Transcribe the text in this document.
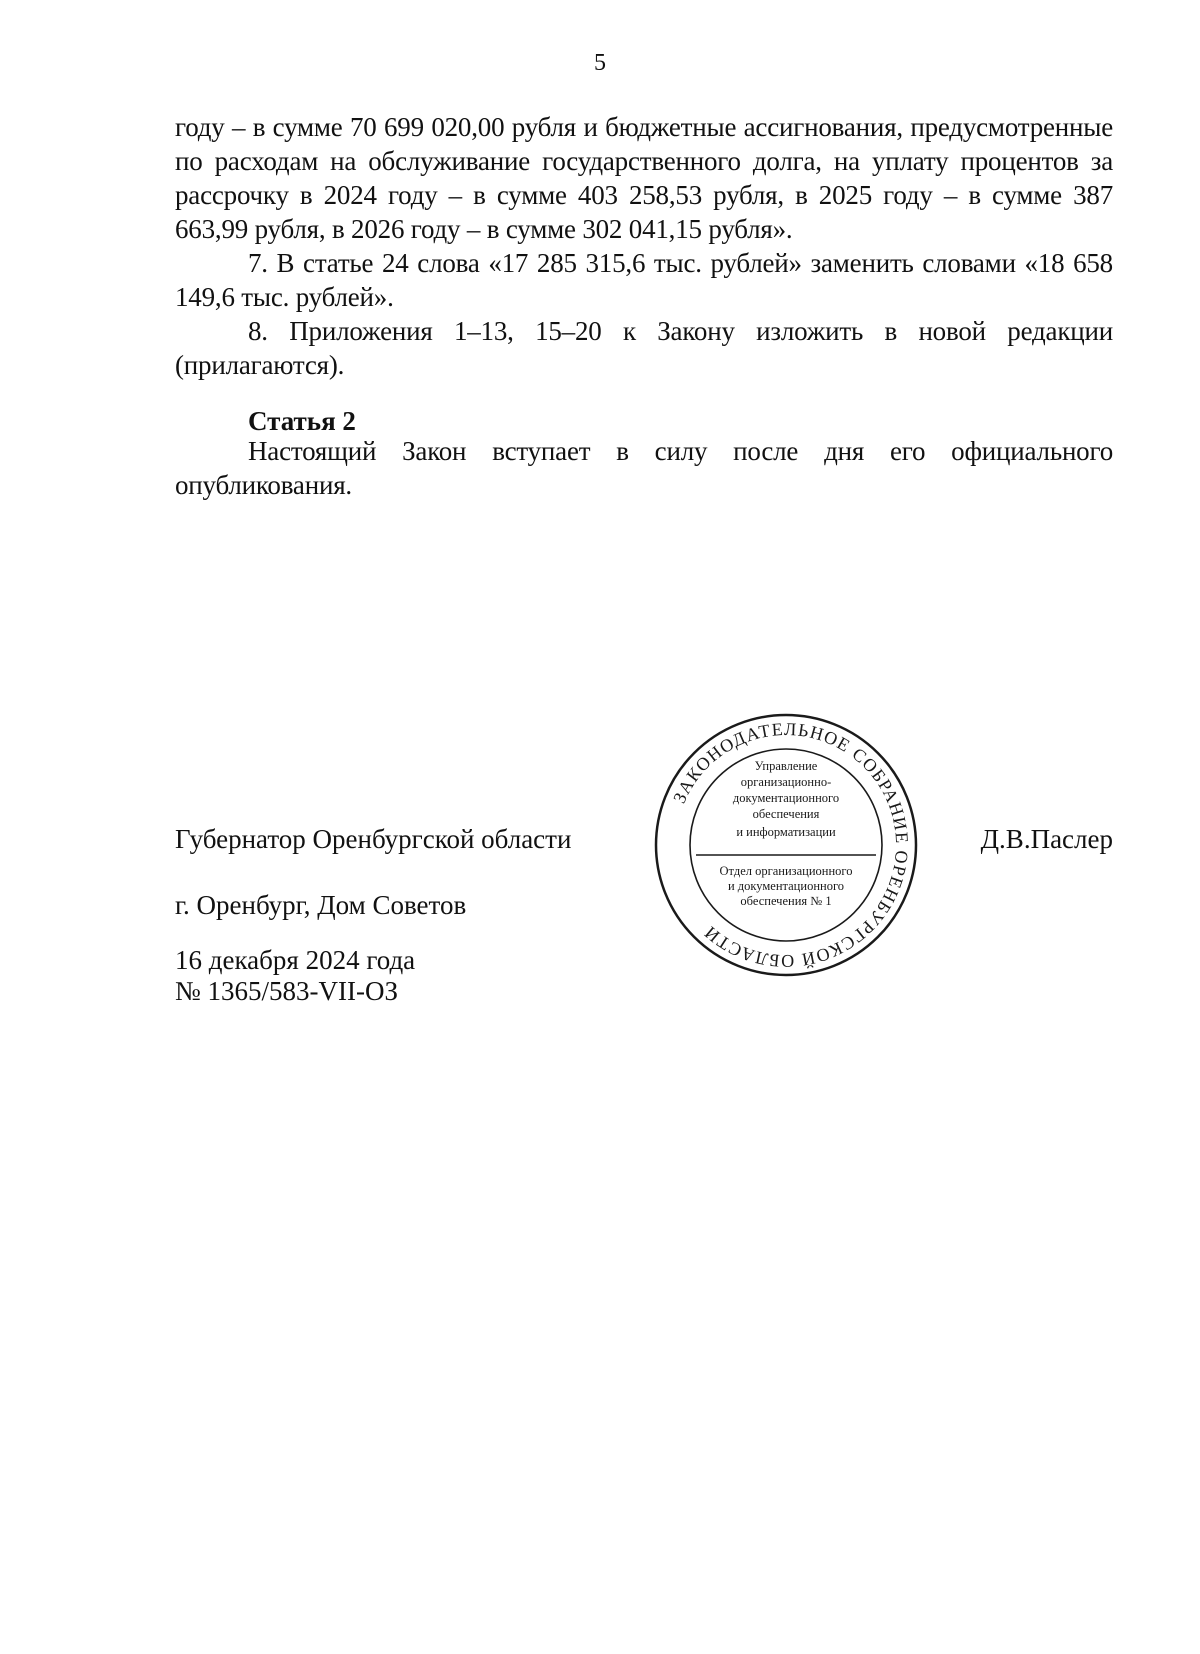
5

году – в сумме 70 699 020,00 рубля и бюджетные ассигнования, предусмотренные по расходам на обслуживание государственного долга, на уплату процентов за рассрочку в 2024 году – в сумме 403 258,53 рубля, в 2025 году – в сумме 387 663,99 рубля, в 2026 году – в сумме 302 041,15 рубля».

7. В статье 24 слова «17 285 315,6 тыс. рублей» заменить словами «18 658 149,6 тыс. рублей».

8. Приложения 1–13, 15–20 к Закону изложить в новой редакции (прилагаются).

Статья 2

Настоящий Закон вступает в силу после дня его официального опубликования.

Губернатор Оренбургской области	Д.В.Паслер
г. Оренбург, Дом Советов
16 декабря 2024 года
№ 1365/583-VII-ОЗ
ЗАКОНОДАТЕЛЬНОЕ СОБРАНИЕ ОРЕНБУРГСКОЙ ОБЛАСТИ
Управление
организационно-
документационного
обеспечения
и информатизации
Отдел организационного
и документационного
обеспечения № 1
